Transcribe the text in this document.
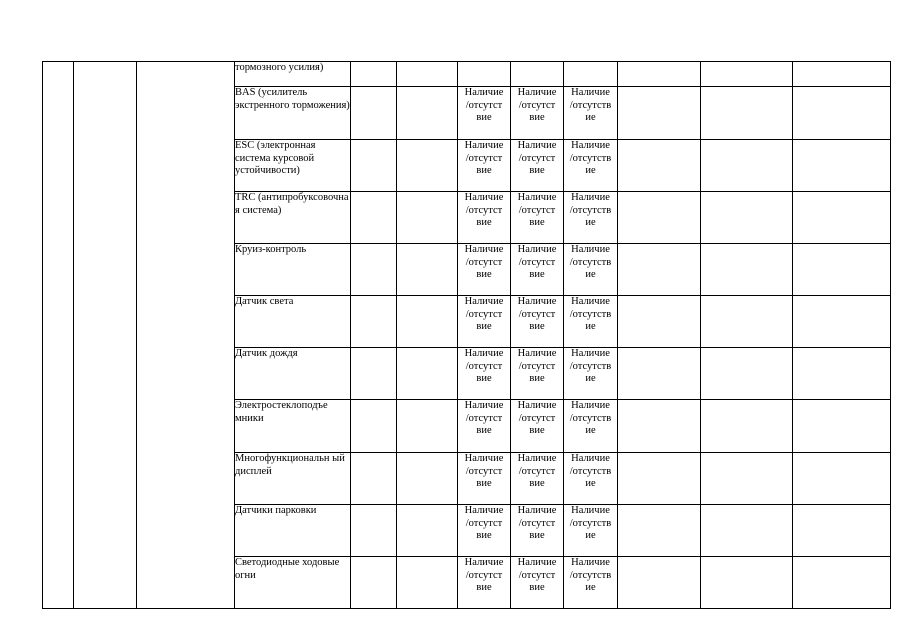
			тормозного усилия)								
			BAS (усилитель экстренного торможения)			Наличие
/отсутст
вие	Наличие
/отсутст
вие	Наличие
/отсутств
ие			

			ESC (электронная система курсовой устойчивости)			Наличие
/отсутст
вие	Наличие
/отсутст
вие	Наличие
/отсутств
ие			

			TRC (антипробуксовочна я система)			Наличие
/отсутст
вие	Наличие
/отсутст
вие	Наличие
/отсутств
ие			

			Круиз-контроль			Наличие
/отсутст
вие	Наличие
/отсутст
вие	Наличие
/отсутств
ие			

			Датчик света			Наличие
/отсутст
вие	Наличие
/отсутст
вие	Наличие
/отсутств
ие			

			Датчик дождя			Наличие
/отсутст
вие	Наличие
/отсутст
вие	Наличие
/отсутств
ие			

			Электростеклоподъе мники			Наличие
/отсутст
вие	Наличие
/отсутст
вие	Наличие
/отсутств
ие			

			Многофункциональн ый дисплей			Наличие
/отсутст
вие	Наличие
/отсутст
вие	Наличие
/отсутств
ие			

			Датчики парковки			Наличие
/отсутст
вие	Наличие
/отсутст
вие	Наличие
/отсутств
ие			

			Светодиодные ходовые огни			Наличие
/отсутст
вие	Наличие
/отсутст
вие	Наличие
/отсутств
ие			
